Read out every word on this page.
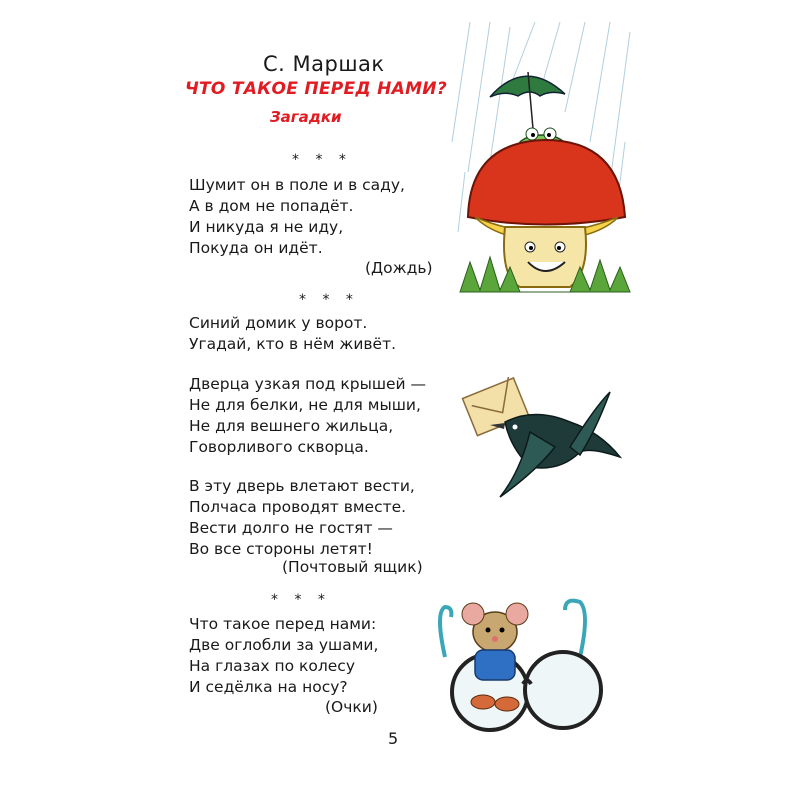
С. Маршак
ЧТО ТАКОЕ ПЕРЕД НАМИ?
Загадки
* * *
Шумит он в поле и в саду,
А в дом не попадёт.
И никуда я не иду,
Покуда он идёт.
(Дождь)
* * *
Синий домик у ворот.
Угадай, кто в нём живёт.
Дверца узкая под крышей —
Не для белки, не для мыши,
Не для вешнего жильца,
Говорливого скворца.
В эту дверь влетают вести,
Полчаса проводят вместе.
Вести долго не гостят —
Во все стороны летят!
(Почтовый ящик)
* * *
Что такое перед нами:
Две оглобли за ушами,
На глазах по колесу
И седёлка на носу?
(Очки)
5
